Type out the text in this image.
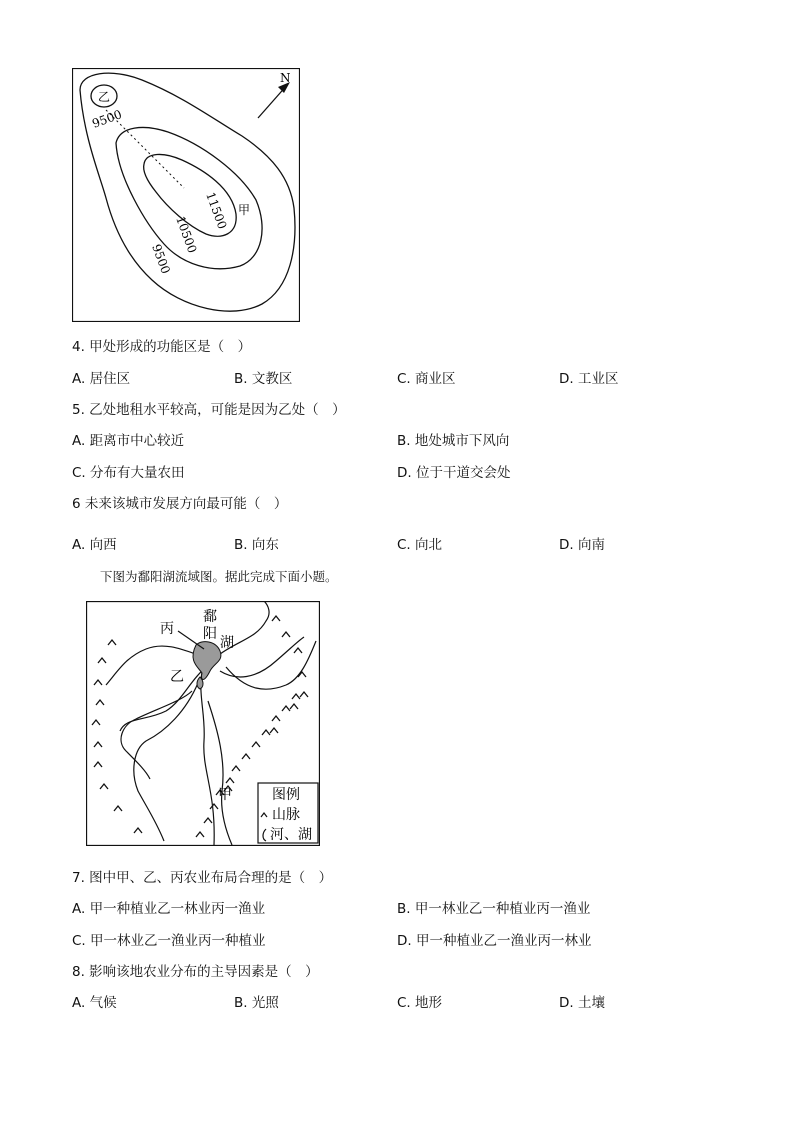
N
乙
甲
9500
11500
10500
9500
4. 甲处形成的功能区是（　）
A. 居住区	B. 文教区	C. 商业区	D. 工业区
5. 乙处地租水平较高，可能是因为乙处（　）
A. 距离市中心较近	B. 地处城市下风向
C. 分布有大量农田	D. 位于干道交会处
6 未来该城市发展方向最可能（　）
A. 向西	B. 向东	C. 向北	D. 向南
下图为鄱阳湖流域图。据此完成下面小题。
丙
鄱
阳
湖
乙
甲	图例
山脉
河、湖
7. 图中甲、乙、丙农业布局合理的是（　）
A. 甲一种植业乙一林业丙一渔业	B. 甲一林业乙一种植业丙一渔业
C. 甲一林业乙一渔业丙一种植业	D. 甲一种植业乙一渔业丙一林业
8. 影响该地农业分布的主导因素是（　）
A. 气候	B. 光照	C. 地形	D. 土壤
